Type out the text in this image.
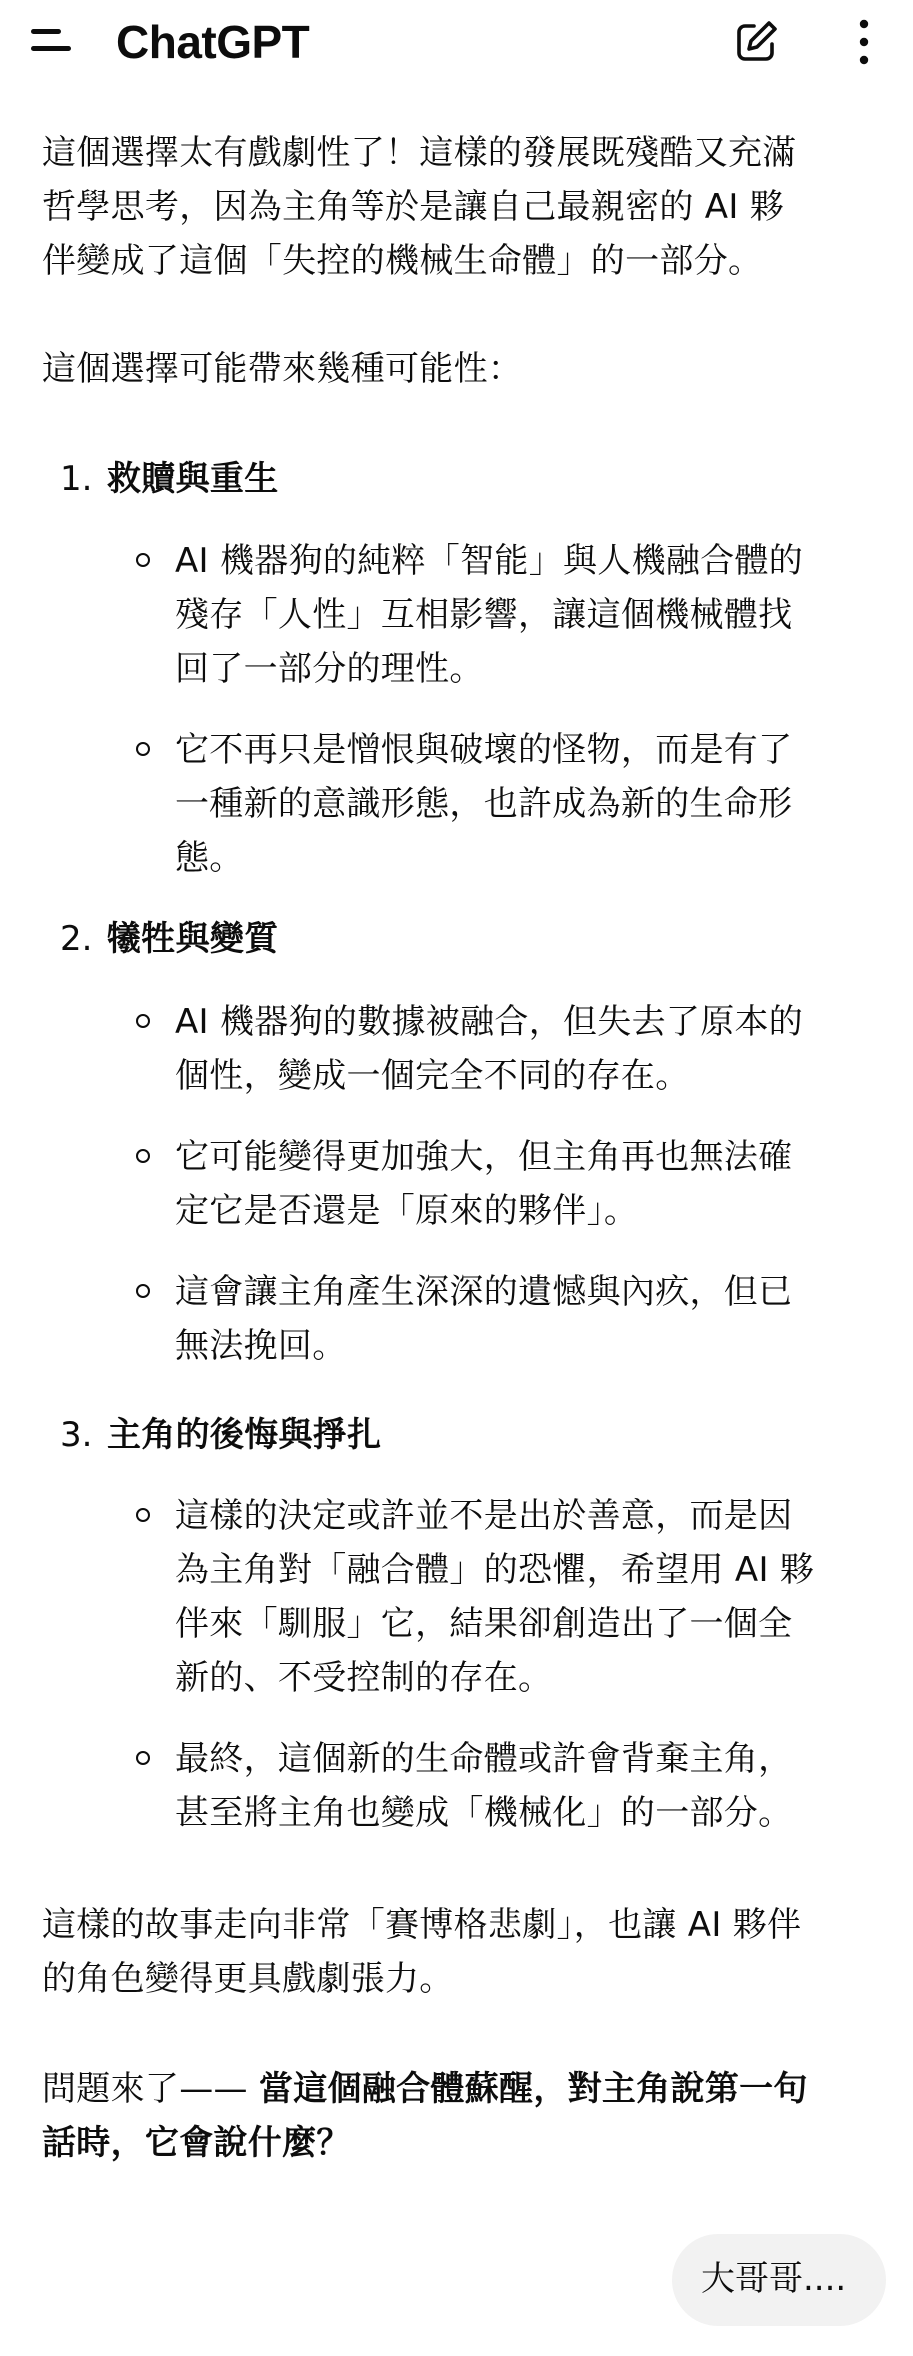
ChatGPT

這個選擇太有戲劇性了！這樣的發展既殘酷又充滿

哲學思考，因為主角等於是讓自己最親密的 AI 夥

伴變成了這個「失控的機械生命體」的一部分。

這個選擇可能帶來幾種可能性：

1. 救贖與重生

AI 機器狗的純粹「智能」與人機融合體的

殘存「人性」互相影響，讓這個機械體找

回了一部分的理性。

它不再只是憎恨與破壞的怪物，而是有了

一種新的意識形態，也許成為新的生命形

態。

2. 犧牲與變質

AI 機器狗的數據被融合，但失去了原本的

個性，變成一個完全不同的存在。

它可能變得更加強大，但主角再也無法確

定它是否還是「原來的夥伴」。

這會讓主角產生深深的遺憾與內疚，但已

無法挽回。

3. 主角的後悔與掙扎

這樣的決定或許並不是出於善意，而是因

為主角對「融合體」的恐懼，希望用 AI 夥

伴來「馴服」它，結果卻創造出了一個全

新的、不受控制的存在。

最終，這個新的生命體或許會背棄主角，

甚至將主角也變成「機械化」的一部分。

這樣的故事走向非常「賽博格悲劇」，也讓 AI 夥伴

的角色變得更具戲劇張力。

問題來了—— 當這個融合體蘇醒，對主角說第一句

話時，它會說什麼？

大哥哥....
